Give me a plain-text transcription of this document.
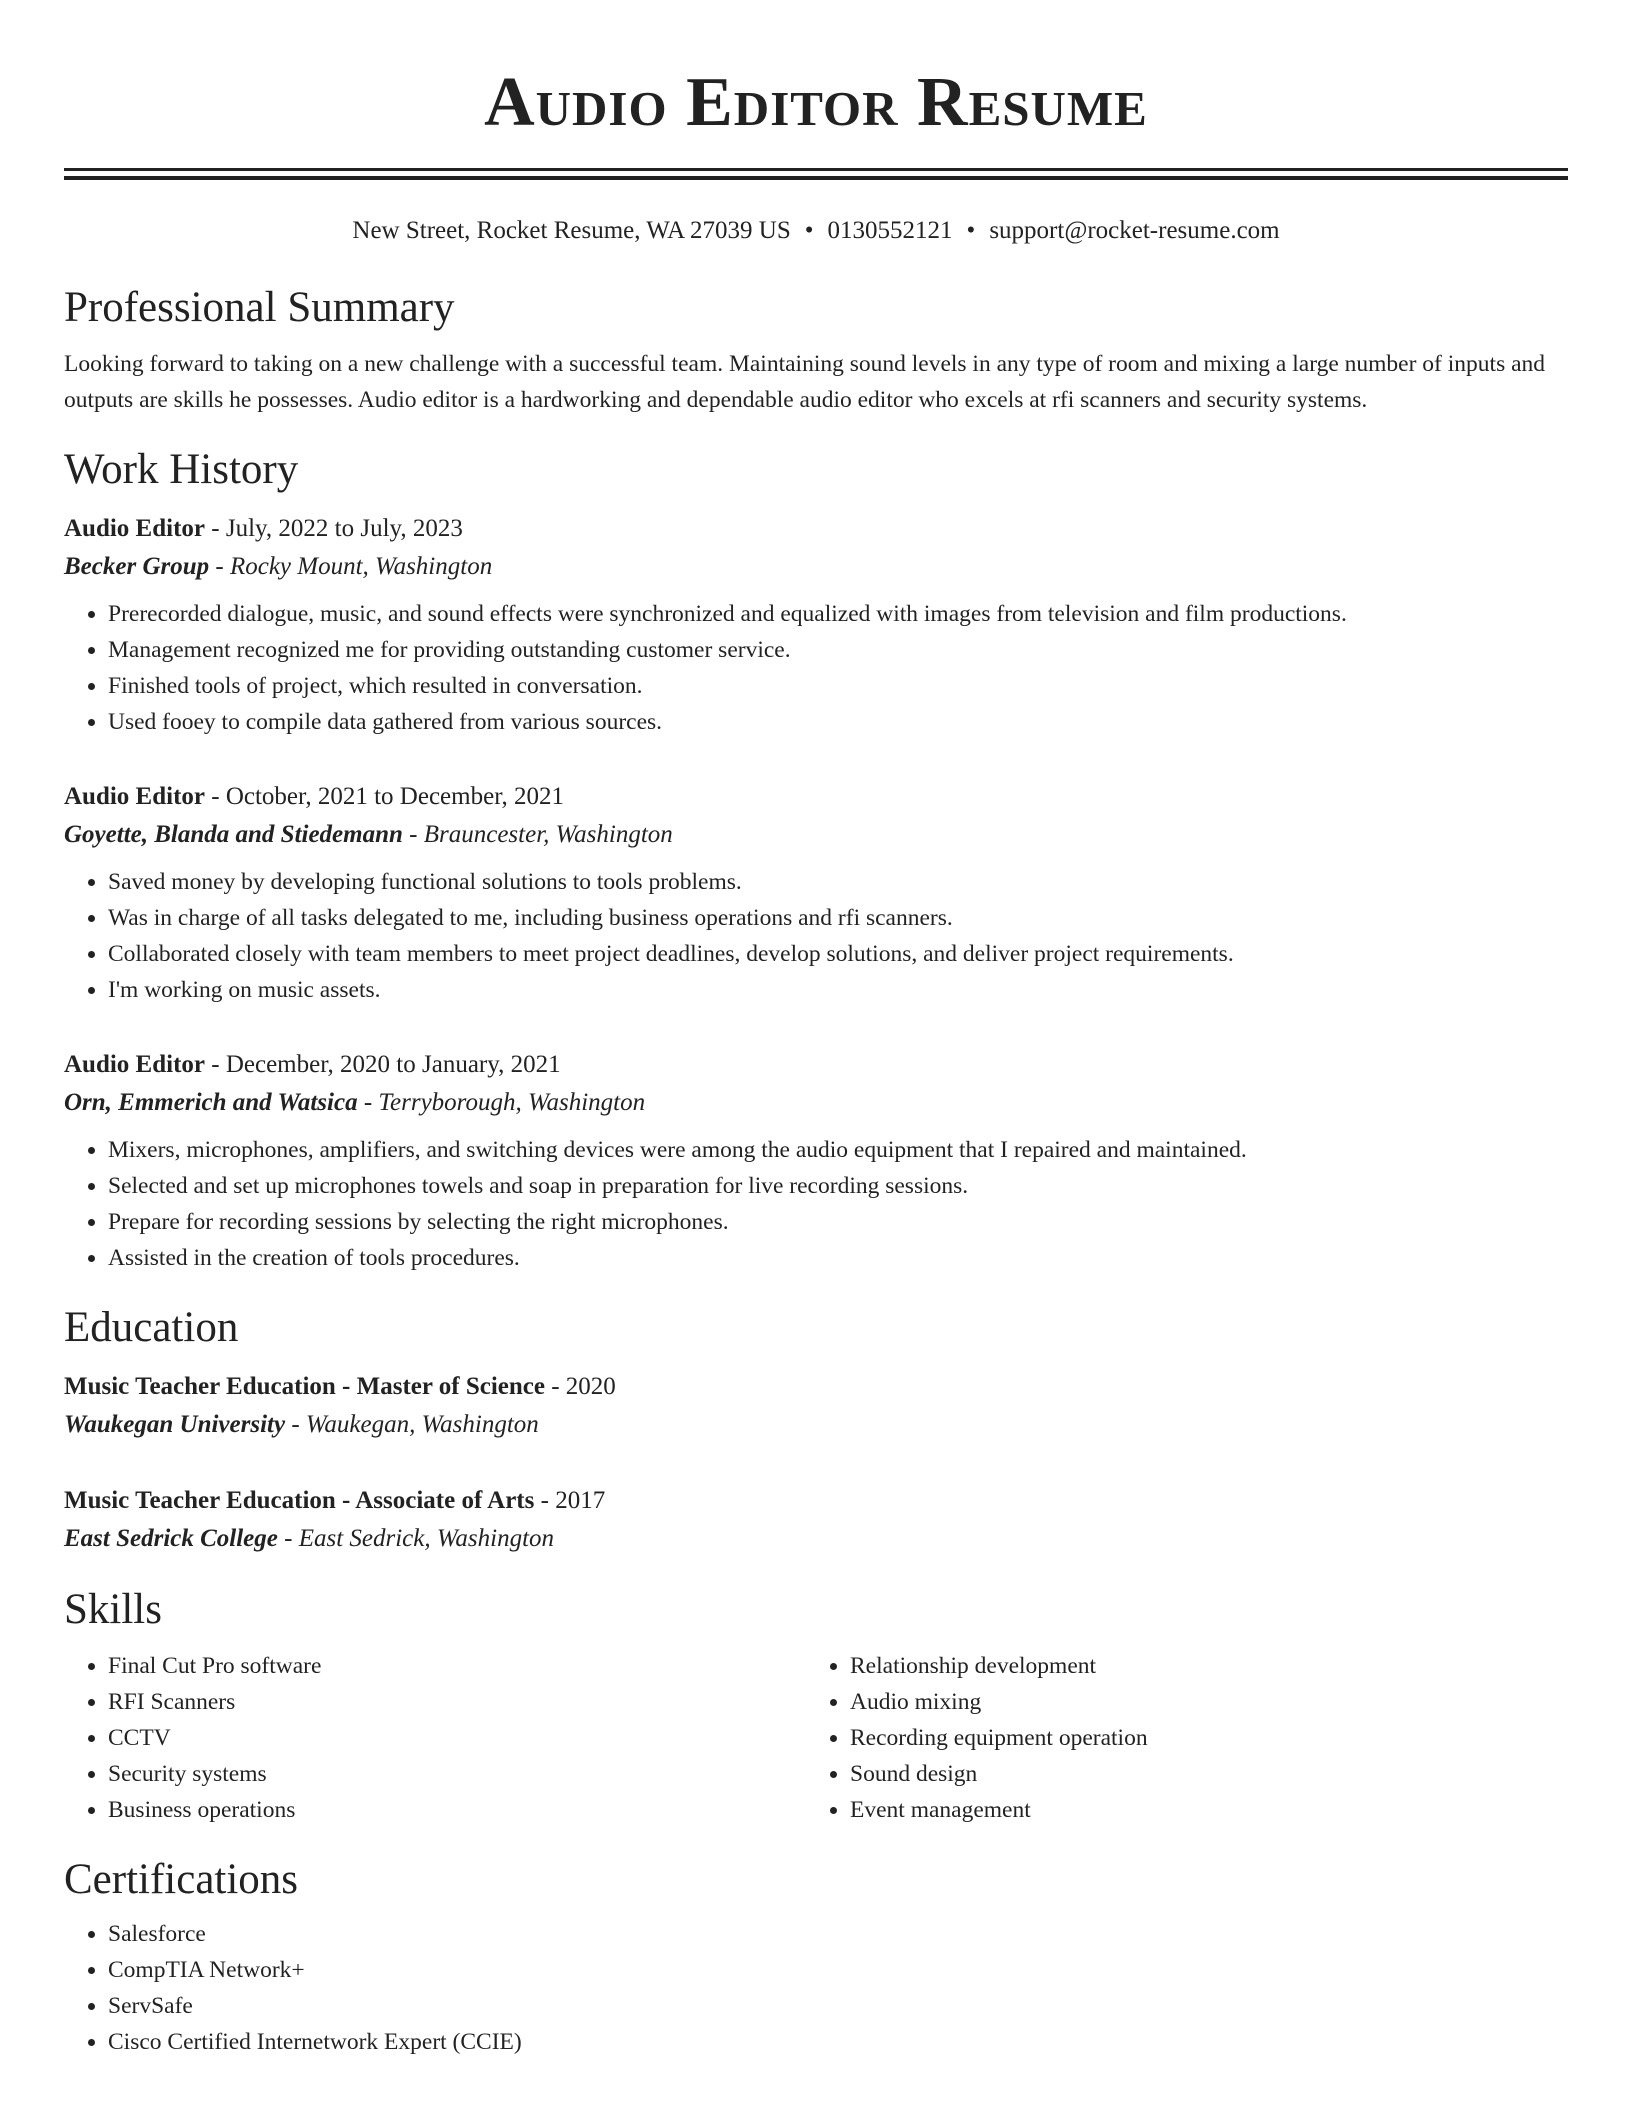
Audio Editor Resume
New Street, Rocket Resume, WA 27039 US • 0130552121 • support@rocket-resume.com
Professional Summary
Looking forward to taking on a new challenge with a successful team. Maintaining sound levels in any type of room and mixing a large number of inputs and outputs are skills he possesses. Audio editor is a hardworking and dependable audio editor who excels at rfi scanners and security systems.
Work History
Audio Editor - July, 2022 to July, 2023
Becker Group - Rocky Mount, Washington
• Prerecorded dialogue, music, and sound effects were synchronized and equalized with images from television and film productions.
• Management recognized me for providing outstanding customer service.
• Finished tools of project, which resulted in conversation.
• Used fooey to compile data gathered from various sources.
Audio Editor - October, 2021 to December, 2021
Goyette, Blanda and Stiedemann - Brauncester, Washington
• Saved money by developing functional solutions to tools problems.
• Was in charge of all tasks delegated to me, including business operations and rfi scanners.
• Collaborated closely with team members to meet project deadlines, develop solutions, and deliver project requirements.
• I'm working on music assets.
Audio Editor - December, 2020 to January, 2021
Orn, Emmerich and Watsica - Terryborough, Washington
• Mixers, microphones, amplifiers, and switching devices were among the audio equipment that I repaired and maintained.
• Selected and set up microphones towels and soap in preparation for live recording sessions.
• Prepare for recording sessions by selecting the right microphones.
• Assisted in the creation of tools procedures.
Education
Music Teacher Education - Master of Science - 2020
Waukegan University - Waukegan, Washington
Music Teacher Education - Associate of Arts - 2017
East Sedrick College - East Sedrick, Washington
Skills
• Final Cut Pro software
• RFI Scanners
• CCTV
• Security systems
• Business operations
• Relationship development
• Audio mixing
• Recording equipment operation
• Sound design
• Event management
Certifications
• Salesforce
• CompTIA Network+
• ServSafe
• Cisco Certified Internetwork Expert (CCIE)
